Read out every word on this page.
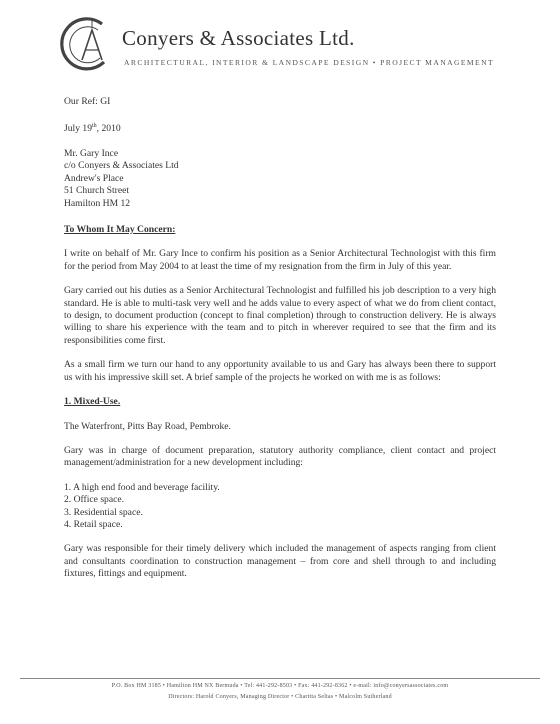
Conyers & Associates Ltd.
ARCHITECTURAL, INTERIOR & LANDSCAPE DESIGN • PROJECT MANAGEMENT
Our Ref: GI
July 19th, 2010
Mr. Gary Ince
c/o Conyers & Associates Ltd
Andrew's Place
51 Church Street
Hamilton HM 12
To Whom It May Concern:
I write on behalf of Mr. Gary Ince to confirm his position as a Senior Architectural Technologist with this firm for the period from May 2004 to at least the time of my resignation from the firm in July of this year.
Gary carried out his duties as a Senior Architectural Technologist and fulfilled his job description to a very high standard. He is able to multi-task very well and he adds value to every aspect of what we do from client contact, to design, to document production (concept to final completion) through to construction delivery. He is always willing to share his experience with the team and to pitch in wherever required to see that the firm and its responsibilities come first.
As a small firm we turn our hand to any opportunity available to us and Gary has always been there to support us with his impressive skill set. A brief sample of the projects he worked on with me is as follows:
1. Mixed-Use.
The Waterfront, Pitts Bay Road, Pembroke.
Gary was in charge of document preparation, statutory authority compliance, client contact and project management/administration for a new development including:
1. A high end food and beverage facility.
2. Office space.
3. Residential space.
4. Retail space.
Gary was responsible for their timely delivery which included the management of aspects ranging from client and consultants coordination to construction management – from core and shell through to and including fixtures, fittings and equipment.
P.O. Box HM 3185 • Hamilton HM NX Bermuda • Tel: 441-292-8503 • Fax: 441-292-8362 • e-mail: info@conyersassociates.com
Directors: Harold Conyers, Managing Director • Charitta Seltas • Malcolm Sutherland
